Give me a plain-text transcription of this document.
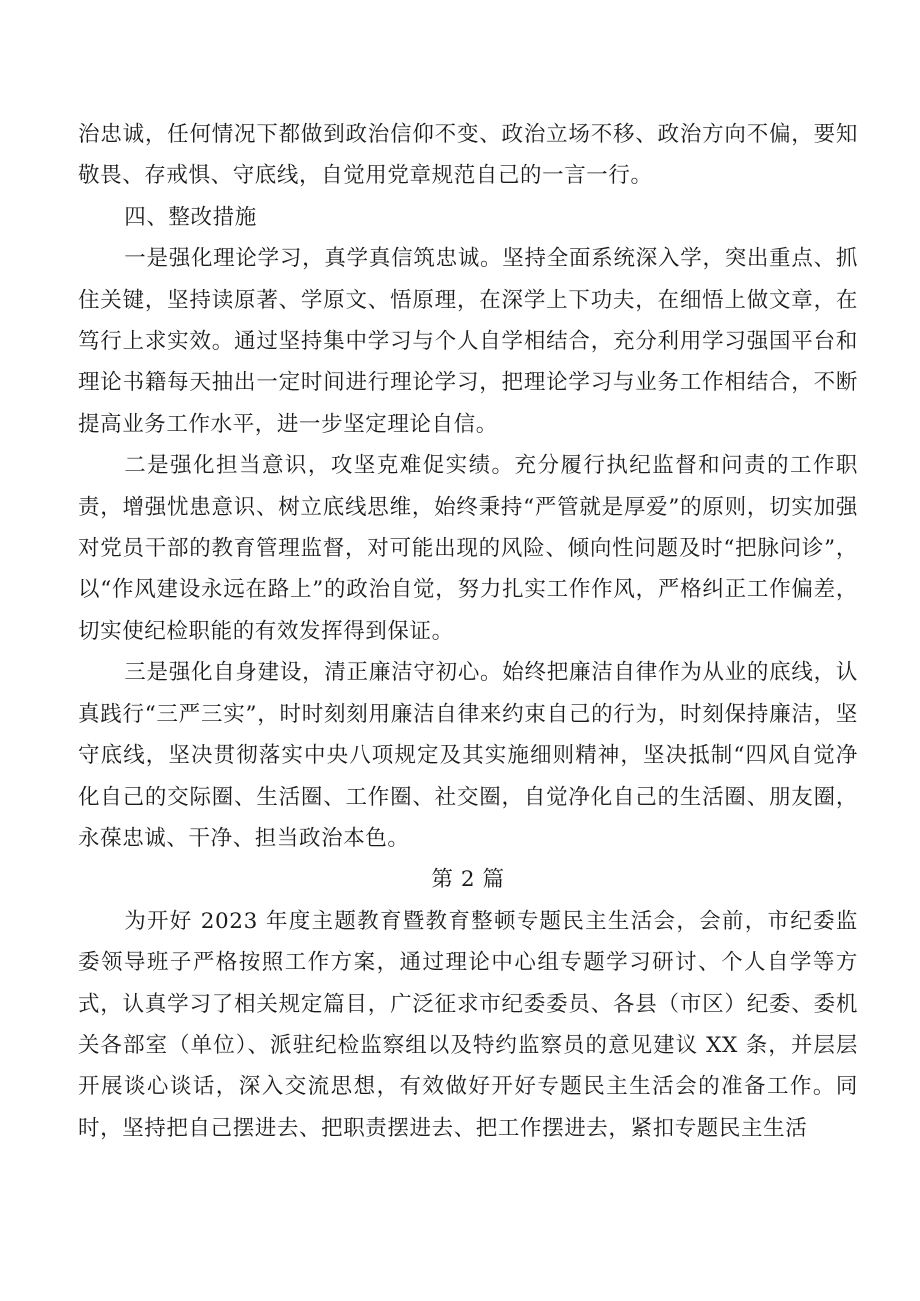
治忠诚，任何情况下都做到政治信仰不变、政治立场不移、政治方向不偏，要知敬畏、存戒惧、守底线，自觉用党章规范自己的一言一行。

四、整改措施

一是强化理论学习，真学真信筑忠诚。坚持全面系统深入学，突出重点、抓住关键，坚持读原著、学原文、悟原理，在深学上下功夫，在细悟上做文章，在笃行上求实效。通过坚持集中学习与个人自学相结合，充分利用学习强国平台和理论书籍每天抽出一定时间进行理论学习，把理论学习与业务工作相结合，不断提高业务工作水平，进一步坚定理论自信。

二是强化担当意识，攻坚克难促实绩。充分履行执纪监督和问责的工作职责，增强忧患意识、树立底线思维，始终秉持“严管就是厚爱”的原则，切实加强对党员干部的教育管理监督，对可能出现的风险、倾向性问题及时“把脉问诊”，以“作风建设永远在路上”的政治自觉，努力扎实工作作风，严格纠正工作偏差，切实使纪检职能的有效发挥得到保证。

三是强化自身建设，清正廉洁守初心。始终把廉洁自律作为从业的底线，认真践行“三严三实”，时时刻刻用廉洁自律来约束自己的行为，时刻保持廉洁，坚守底线，坚决贯彻落实中央八项规定及其实施细则精神，坚决抵制“四风自觉净化自己的交际圈、生活圈、工作圈、社交圈，自觉净化自己的生活圈、朋友圈，永葆忠诚、干净、担当政治本色。

第 2 篇

为开好 2023 年度主题教育暨教育整顿专题民主生活会，会前，市纪委监委领导班子严格按照工作方案，通过理论中心组专题学习研讨、个人自学等方式，认真学习了相关规定篇目，广泛征求市纪委委员、各县（市区）纪委、委机关各部室（单位）、派驻纪检监察组以及特约监察员的意见建议 XX 条，并层层开展谈心谈话，深入交流思想，有效做好开好专题民主生活会的准备工作。同时，坚持把自己摆进去、把职责摆进去、把工作摆进去，紧扣专题民主生活
